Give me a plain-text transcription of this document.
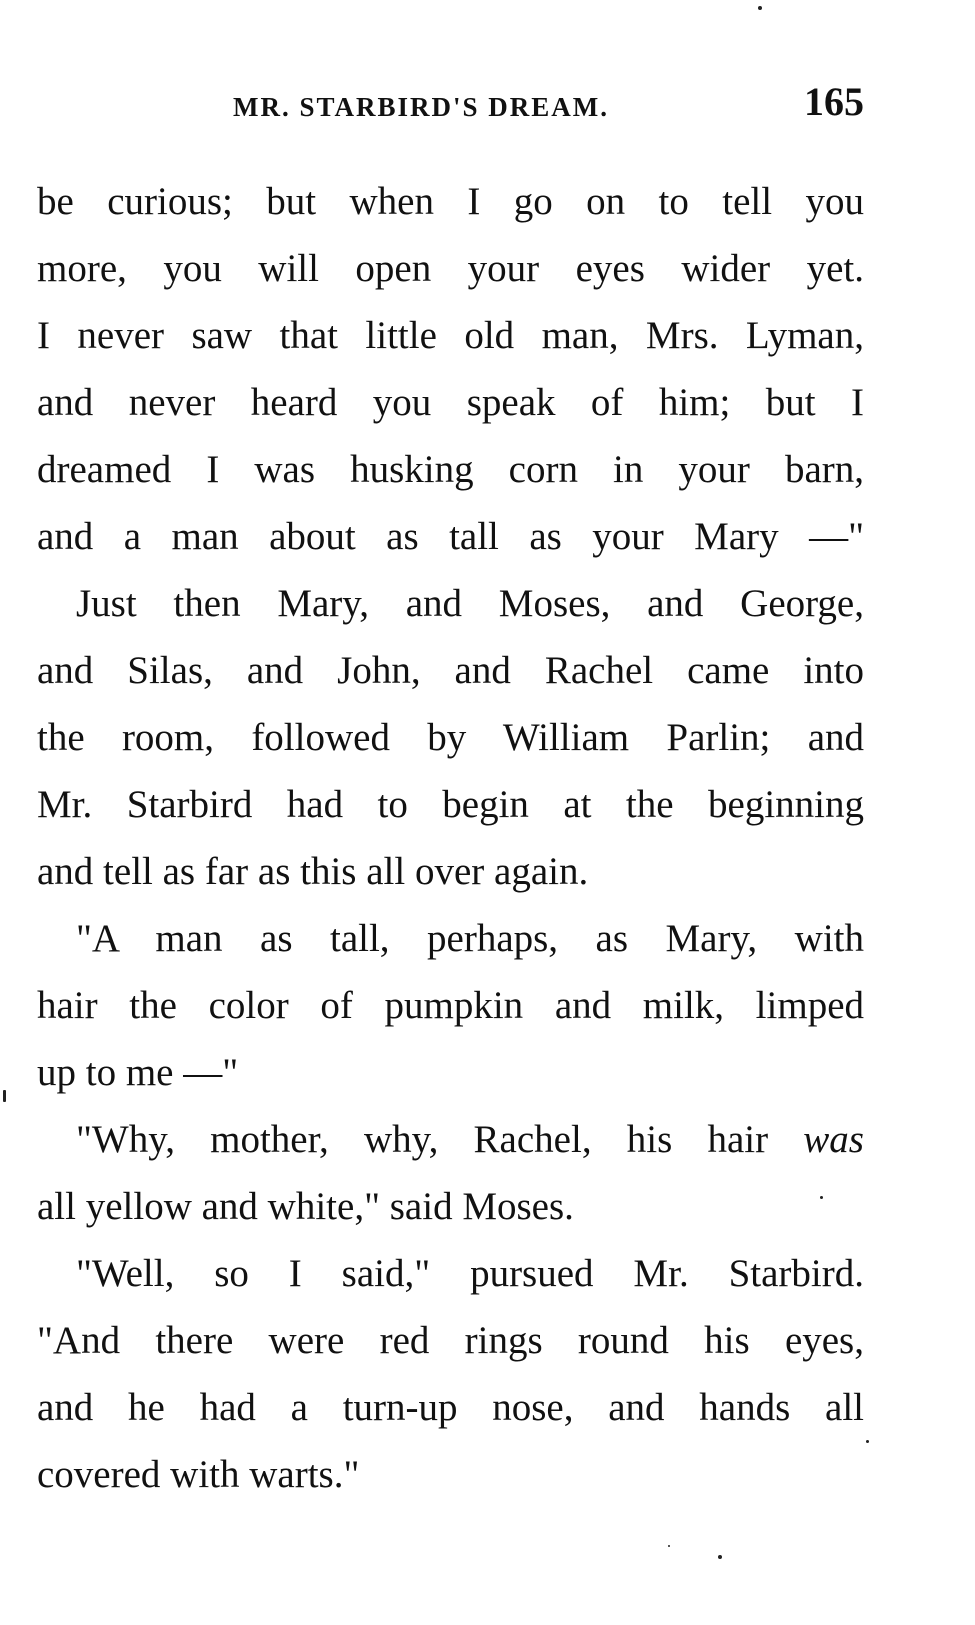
MR. STARBIRD'S DREAM.	165
be curious; but when I go on to tell you
more, you will open your eyes wider yet.
I never saw that little old man, Mrs. Lyman,
and never heard you speak of him; but I
dreamed I was husking corn in your barn,
and a man about as tall as your Mary —"
Just then Mary, and Moses, and George,
and Silas, and John, and Rachel came into
the room, followed by William Parlin; and
Mr. Starbird had to begin at the beginning
and tell as far as this all over again.
"A man as tall, perhaps, as Mary, with
hair the color of pumpkin and milk, limped
up to me —"
"Why, mother, why, Rachel, his hair was
all yellow and white," said Moses.
"Well, so I said," pursued Mr. Starbird.
"And there were red rings round his eyes,
and he had a turn-up nose, and hands all
covered with warts."
